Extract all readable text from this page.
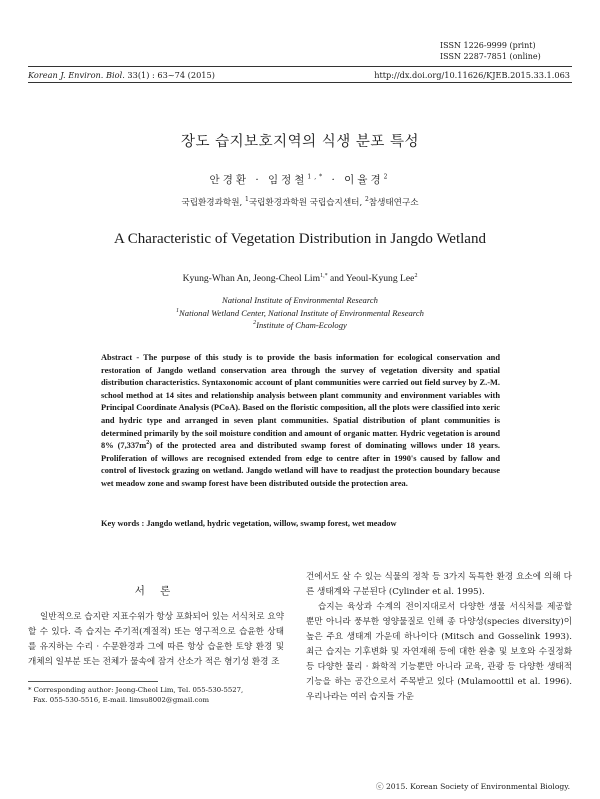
ISSN 1226-9999 (print)
ISSN 2287-7851 (online)
Korean J. Environ. Biol. 33(1) : 63~74 (2015)	http://dx.doi.org/10.11626/KJEB.2015.33.1.063
장도 습지보호지역의 식생 분포 특성
안경환 · 임정철$^{1,*}$ · 이율경$^2$
국립환경과학원, $^1$국립환경과학원 국립습지센터, $^2$참생태연구소
A Characteristic of Vegetation Distribution in Jangdo Wetland
Kyung-Whan An, Jeong-Cheol Lim$^{1,*}$ and Yeoul-Kyung Lee$^2$
National Institute of Environmental Research
$^1$National Wetland Center, National Institute of Environmental Research
$^2$Institute of Cham-Ecology
Abstract - The purpose of this study is to provide the basis information for ecological conservation and restoration of Jangdo wetland conservation area through the survey of vegetation diversity and spatial distribution characteristics. Syntaxonomic account of plant communities were carried out field survey by Z.-M. school method at 14 sites and relationship analysis between plant community and environment variables with Principal Coordinate Analysis (PCoA). Based on the floristic composition, all the plots were classified into xeric and hydric type and arranged in seven plant communities. Spatial distribution of plant communities is determined primarily by the soil moisture condition and amount of organic matter. Hydric vegetation is around 8% $(7,337m^2)$ of the protected area and distributed swamp forest of dominating willows under 18 years. Proliferation of willows are recognised extended from edge to centre after in 1990's caused by fallow and control of livestock grazing on wetland. Jangdo wetland will have to readjust the protection boundary because wet meadow zone and swamp forest have been distributed outside the protection area.
Key words : Jangdo wetland, hydric vegetation, willow, swamp forest, wet meadow
서 론

일반적으로 습지란 지표수위가 항상 포화되어 있는 서식처로 요약할 수 있다. 즉 습지는 주기적(계절적) 또는 영구적으로 습윤한 상태를 유지하는 수리 · 수문환경과 그에 따른 항상 습윤한 토양 환경 및 개체의 일부분 또는 전체가 물속에 잠겨 산소가 적은 혐기성 환경 조

건에서도 살 수 있는 식물의 정착 등 3가지 독특한 환경 요소에 의해 다른 생태계와 구분된다 (Cylinder et al. 1995).

습지는 육상과 수계의 전이지대로서 다양한 생물 서식처를 제공할 뿐만 아니라 풍부한 영양물질로 인해 종 다양성(species diversity)이 높은 주요 생태계 가운데 하나이다 (Mitsch and Gosselink 1993). 최근 습지는 기후변화 및 자연재해 등에 대한 완충 및 보호와 수질정화 등 다양한 물리 · 화학적 기능뿐만 아니라 교육, 관광 등 다양한 생태적 기능을 하는 공간으로서 주목받고 있다 (Mulamoottil et al. 1996). 우리나라는 여러 습지들 가운

* Corresponding author: Jeong-Cheol Lim, Tel. 055-530-5527,
Fax. 055-530-5516, E-mail. limsu8002@gmail.com
ⓒ 2015. Korean Society of Environmental Biology.
